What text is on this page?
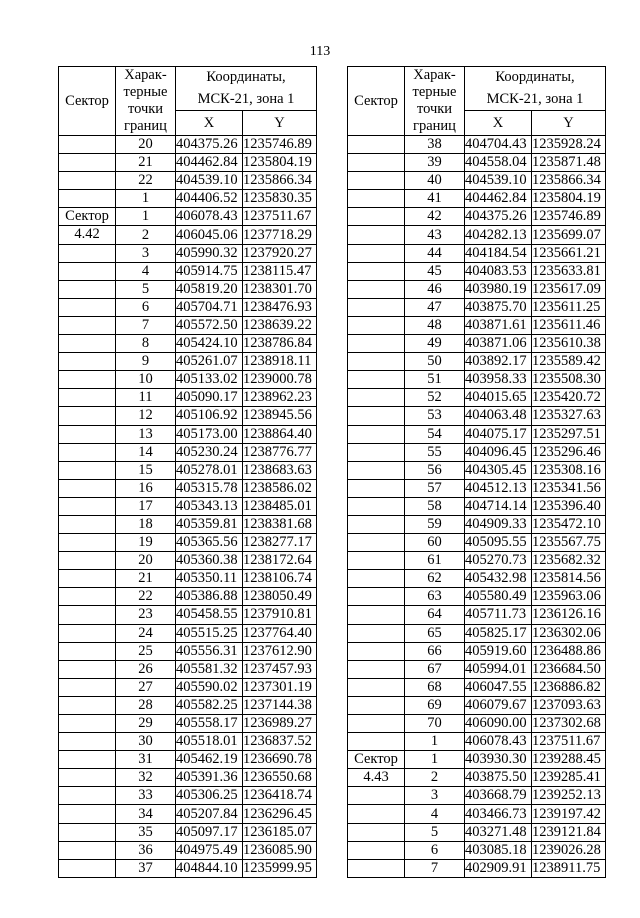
113
Сектор	Харак-
терные
точки
границ	Координаты,	

		МСК-21, зона 1	
		X	Y
	20	404375.26	1235746.89
	21	404462.84	1235804.19
	22	404539.10	1235866.34
	1	404406.52	1235830.35
Сектор	1	406078.43	1237511.67
4.42	2	406045.06	1237718.29
	3	405990.32	1237920.27
	4	405914.75	1238115.47
	5	405819.20	1238301.70
	6	405704.71	1238476.93
	7	405572.50	1238639.22
	8	405424.10	1238786.84
	9	405261.07	1238918.11
	10	405133.02	1239000.78
	11	405090.17	1238962.23
	12	405106.92	1238945.56
	13	405173.00	1238864.40
	14	405230.24	1238776.77
	15	405278.01	1238683.63
	16	405315.78	1238586.02
	17	405343.13	1238485.01
	18	405359.81	1238381.68
	19	405365.56	1238277.17
	20	405360.38	1238172.64
	21	405350.11	1238106.74
	22	405386.88	1238050.49
	23	405458.55	1237910.81
	24	405515.25	1237764.40
	25	405556.31	1237612.90
	26	405581.32	1237457.93
	27	405590.02	1237301.19
	28	405582.25	1237144.38
	29	405558.17	1236989.27
	30	405518.01	1236837.52
	31	405462.19	1236690.78
	32	405391.36	1236550.68
	33	405306.25	1236418.74
	34	405207.84	1236296.45
	35	405097.17	1236185.07
	36	404975.49	1236085.90
	37	404844.10	1235999.95
Сектор	Харак-
терные
точки
границ	Координаты,	

		МСК-21, зона 1	
		X	Y
	38	404704.43	1235928.24
	39	404558.04	1235871.48
	40	404539.10	1235866.34
	41	404462.84	1235804.19
	42	404375.26	1235746.89
	43	404282.13	1235699.07
	44	404184.54	1235661.21
	45	404083.53	1235633.81
	46	403980.19	1235617.09
	47	403875.70	1235611.25
	48	403871.61	1235611.46
	49	403871.06	1235610.38
	50	403892.17	1235589.42
	51	403958.33	1235508.30
	52	404015.65	1235420.72
	53	404063.48	1235327.63
	54	404075.17	1235297.51
	55	404096.45	1235296.46
	56	404305.45	1235308.16
	57	404512.13	1235341.56
	58	404714.14	1235396.40
	59	404909.33	1235472.10
	60	405095.55	1235567.75
	61	405270.73	1235682.32
	62	405432.98	1235814.56
	63	405580.49	1235963.06
	64	405711.73	1236126.16
	65	405825.17	1236302.06
	66	405919.60	1236488.86
	67	405994.01	1236684.50
	68	406047.55	1236886.82
	69	406079.67	1237093.63
	70	406090.00	1237302.68
	1	406078.43	1237511.67
Сектор	1	403930.30	1239288.45
4.43	2	403875.50	1239285.41
	3	403668.79	1239252.13
	4	403466.73	1239197.42
	5	403271.48	1239121.84
	6	403085.18	1239026.28
	7	402909.91	1238911.75
